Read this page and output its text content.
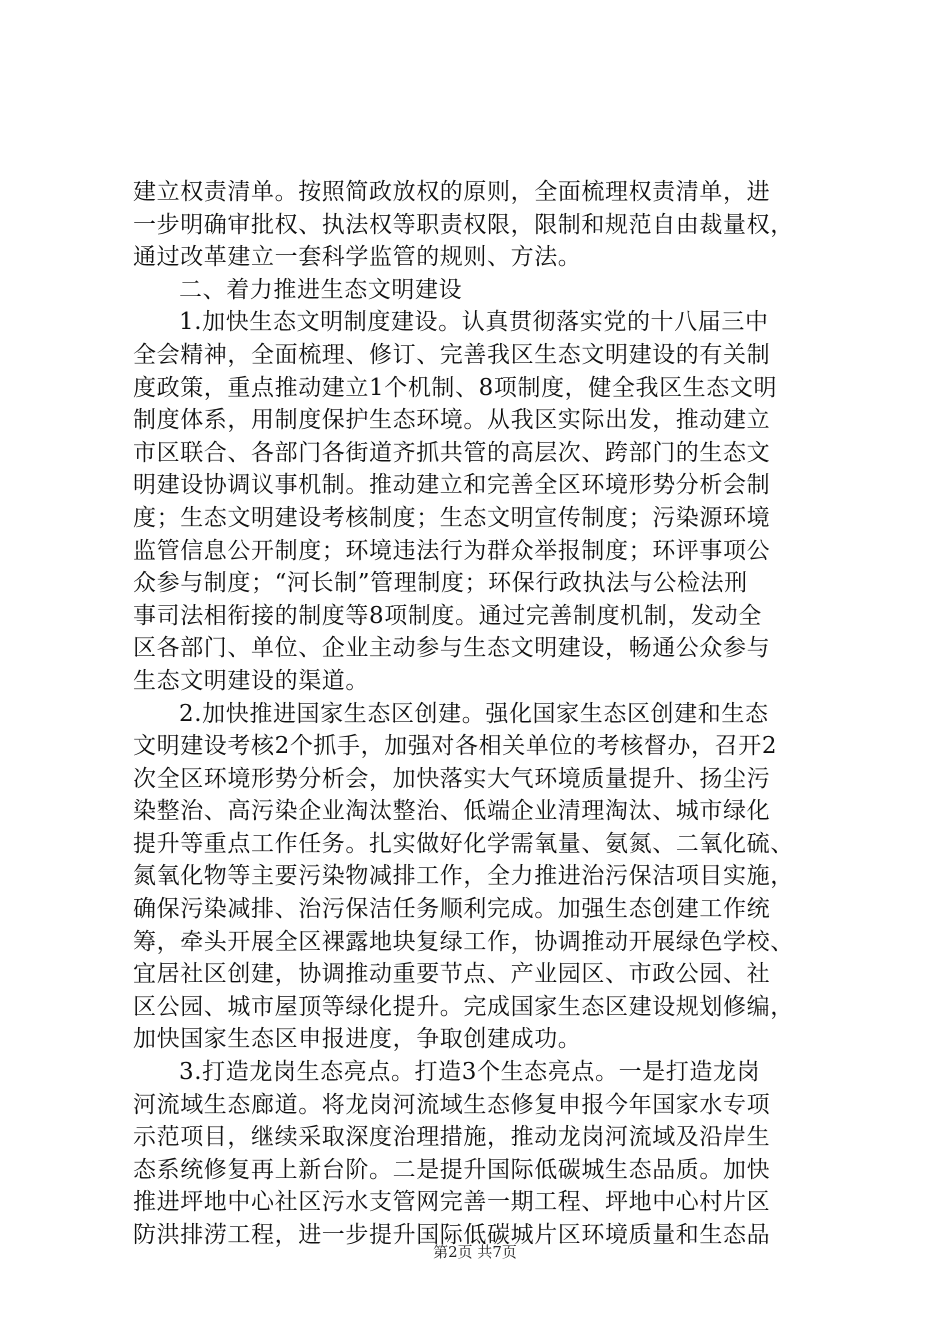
建立权责清单。按照简政放权的原则，全面梳理权责清单，进
一步明确审批权、执法权等职责权限，限制和规范自由裁量权，
通过改革建立一套科学监管的规则、方法。
二、着力推进生态文明建设
1.加快生态文明制度建设。认真贯彻落实党的十八届三中
全会精神，全面梳理、修订、完善我区生态文明建设的有关制
度政策，重点推动建立1个机制、8项制度，健全我区生态文明
制度体系，用制度保护生态环境。从我区实际出发，推动建立
市区联合、各部门各街道齐抓共管的高层次、跨部门的生态文
明建设协调议事机制。推动建立和完善全区环境形势分析会制
度；生态文明建设考核制度；生态文明宣传制度；污染源环境
监管信息公开制度；环境违法行为群众举报制度；环评事项公
众参与制度；“河长制”管理制度；环保行政执法与公检法刑
事司法相衔接的制度等8项制度。通过完善制度机制，发动全
区各部门、单位、企业主动参与生态文明建设，畅通公众参与
生态文明建设的渠道。
2.加快推进国家生态区创建。强化国家生态区创建和生态
文明建设考核2个抓手，加强对各相关单位的考核督办，召开2
次全区环境形势分析会，加快落实大气环境质量提升、扬尘污
染整治、高污染企业淘汰整治、低端企业清理淘汰、城市绿化
提升等重点工作任务。扎实做好化学需氧量、氨氮、二氧化硫、
氮氧化物等主要污染物减排工作，全力推进治污保洁项目实施，
确保污染减排、治污保洁任务顺利完成。加强生态创建工作统
筹，牵头开展全区裸露地块复绿工作，协调推动开展绿色学校、
宜居社区创建，协调推动重要节点、产业园区、市政公园、社
区公园、城市屋顶等绿化提升。完成国家生态区建设规划修编，
加快国家生态区申报进度，争取创建成功。
3.打造龙岗生态亮点。打造3个生态亮点。一是打造龙岗
河流域生态廊道。将龙岗河流域生态修复申报今年国家水专项
示范项目，继续采取深度治理措施，推动龙岗河流域及沿岸生
态系统修复再上新台阶。二是提升国际低碳城生态品质。加快
推进坪地中心社区污水支管网完善一期工程、坪地中心村片区
防洪排涝工程，进一步提升国际低碳城片区环境质量和生态品
第2页 共7页
